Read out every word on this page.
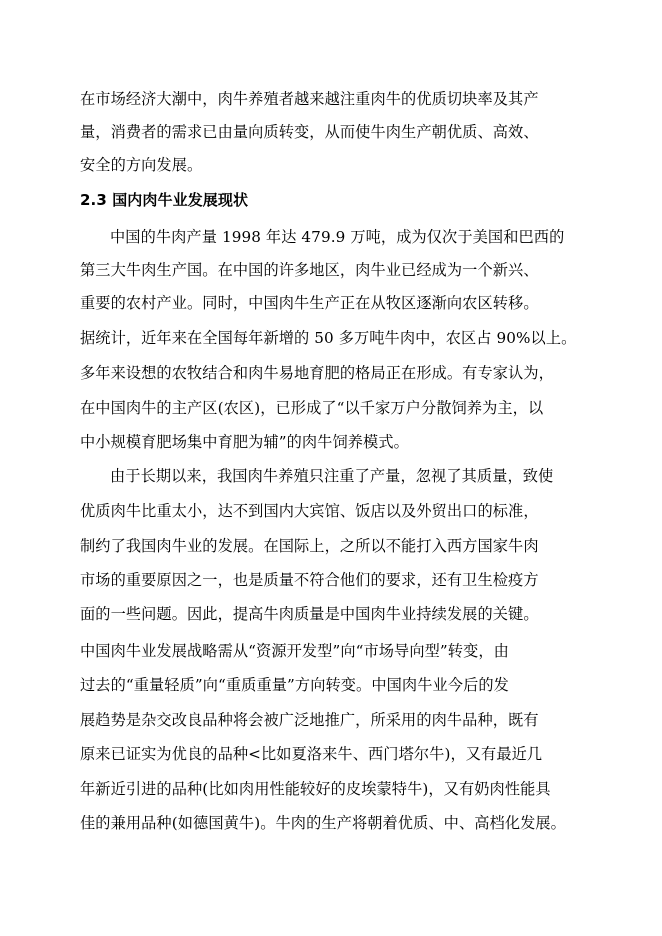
在市场经济大潮中，肉牛养殖者越来越注重肉牛的优质切块率及其产
量，消费者的需求已由量向质转变，从而使牛肉生产朝优质、高效、
安全的方向发展。
2.3 国内肉牛业发展现状
中国的牛肉产量 1998 年达 479.9 万吨，成为仅次于美国和巴西的
第三大牛肉生产国。在中国的许多地区，肉牛业已经成为一个新兴、
重要的农村产业。同时，中国肉牛生产正在从牧区逐渐向农区转移。
据统计，近年来在全国每年新增的 50 多万吨牛肉中，农区占 90%以上。
多年来设想的农牧结合和肉牛易地育肥的格局正在形成。有专家认为，
在中国肉牛的主产区(农区)，已形成了“以千家万户分散饲养为主，以
中小规模育肥场集中育肥为辅”的肉牛饲养模式。
由于长期以来，我国肉牛养殖只注重了产量，忽视了其质量，致使
优质肉牛比重太小，达不到国内大宾馆、饭店以及外贸出口的标准，
制约了我国肉牛业的发展。在国际上，之所以不能打入西方国家牛肉
市场的重要原因之一，也是质量不符合他们的要求，还有卫生检疫方
面的一些问题。因此，提高牛肉质量是中国肉牛业持续发展的关键。
中国肉牛业发展战略需从“资源开发型”向“市场导向型”转变，由
过去的“重量轻质”向“重质重量”方向转变。中国肉牛业今后的发
展趋势是杂交改良品种将会被广泛地推广，所采用的肉牛品种，既有
原来已证实为优良的品种<比如夏洛来牛、西门塔尔牛)，又有最近几
年新近引进的品种(比如肉用性能较好的皮埃蒙特牛)，又有奶肉性能具
佳的兼用品种(如德国黄牛)。牛肉的生产将朝着优质、中、高档化发展。
